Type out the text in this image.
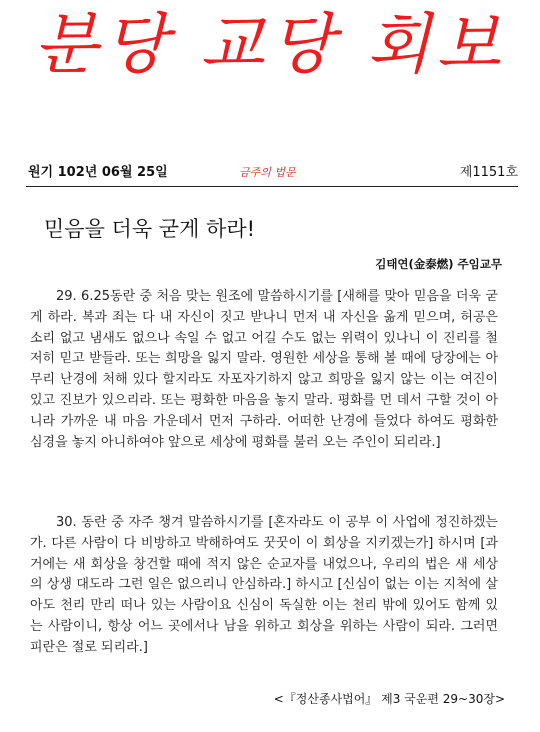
분당 교당 회보
원기 102년 06월 25일	금주의 법문	제1151호
믿음을 더욱 굳게 하라!
김태연(金泰燃) 주임교무

29. 6.25동란 중 처음 맞는 원조에 말씀하시기를 [새해를 맞아 믿음을 더욱 굳게 하라. 복과 죄는 다 내 자신이 짓고 받나니 먼저 내 자신을 옮게 믿으며, 허공은 소리 없고 냄새도 없으나 속일 수 없고 어길 수도 없는 위력이 있나니 이 진리를 철저히 믿고 받들라. 또는 희망을 잃지 말라. 영원한 세상을 통해 볼 때에 당장에는 아무리 난경에 처해 있다 할지라도 자포자기하지 않고 희망을 잃지 않는 이는 여진이 있고 진보가 있으리라. 또는 평화한 마음을 놓지 말라. 평화를 먼 데서 구할 것이 아니라 가까운 내 마음 가운데서 먼저 구하라. 어떠한 난경에 들었다 하여도 평화한 심경을 놓지 아니하여야 앞으로 세상에 평화를 불러 오는 주인이 되리라.]

30. 동란 중 자주 챙겨 말씀하시기를 [혼자라도 이 공부 이 사업에 정진하겠는가. 다른 사람이 다 비방하고 박해하여도 꿋꿋이 이 회상을 지키겠는가] 하시며 [과거에는 새 회상을 창건할 때에 적지 않은 순교자를 내었으나, 우리의 법은 새 세상의 상생 대도라 그런 일은 없으리니 안심하라.] 하시고 [신심이 없는 이는 지척에 살아도 천리 만리 떠나 있는 사람이요 신심이 독실한 이는 천리 밖에 있어도 함께 있는 사람이니, 항상 어느 곳에서나 남을 위하고 회상을 위하는 사람이 되라. 그러면 피란은 절로 되리라.]

<『정산종사법어』 제3 국운편 29~30장>
